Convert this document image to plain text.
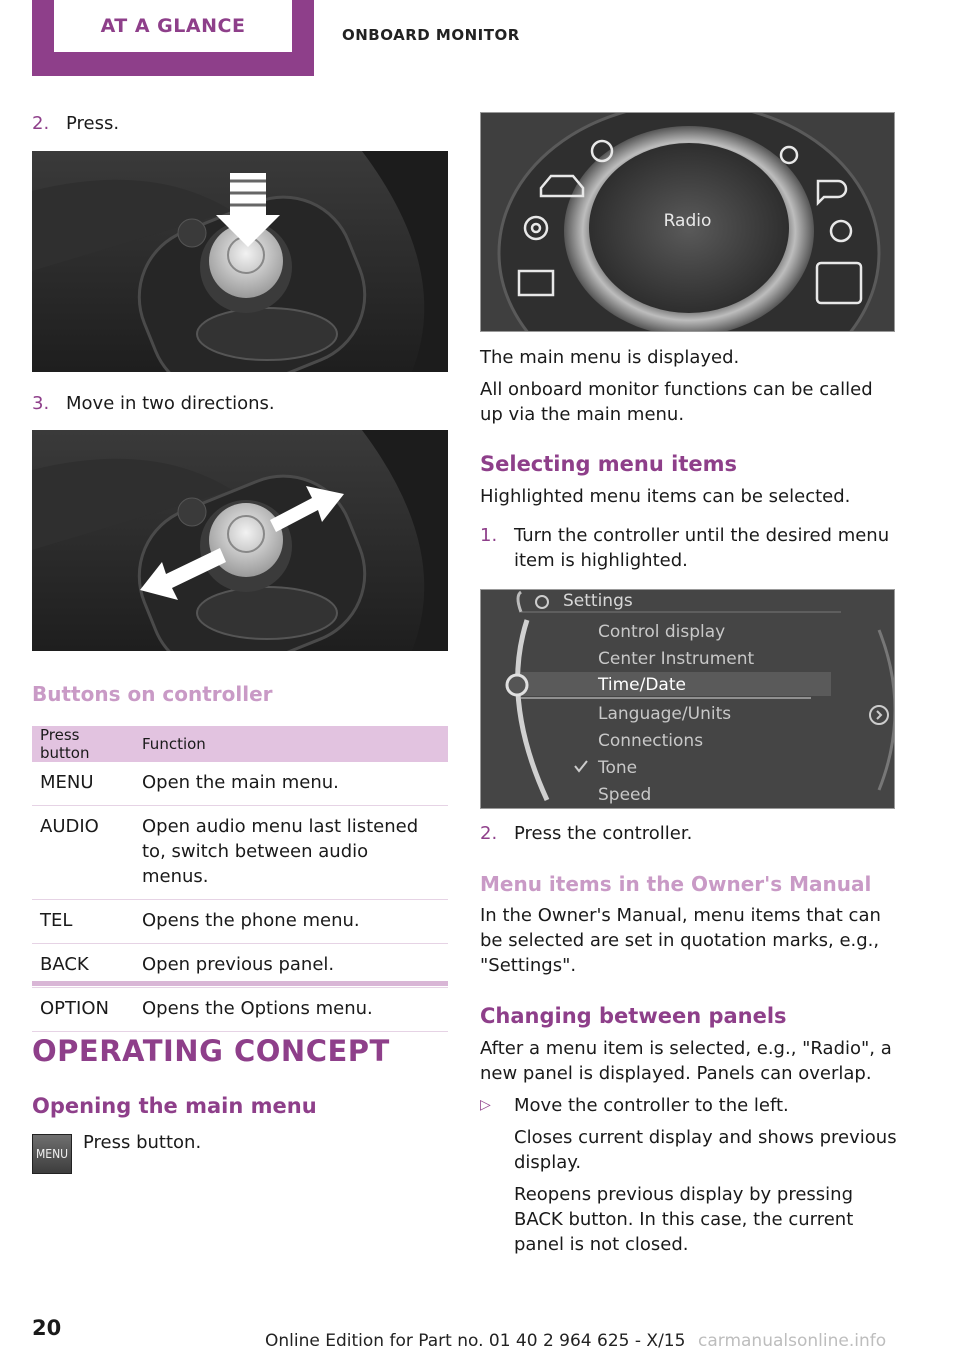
AT A GLANCE	ONBOARD MONITOR
2. Press.
3. Move in two directions.
Buttons on controller
Press button	Function
MENU	Open the main menu.
AUDIO	Open audio menu last listened to, switch between audio menus.
TEL	Opens the phone menu.
BACK	Open previous panel.
OPTION	Opens the Options menu.
OPERATING CONCEPT
Opening the main menu
MENU
Press button.
Radio
The main menu is displayed.
All onboard monitor functions can be called up via the main menu.
Selecting menu items
Highlighted menu items can be selected.
1. Turn the controller until the desired menu item is highlighted.
Settings
Control display
Center Instrument
Time/Date
Language/Units
Connections
Tone
Speed
2. Press the controller.
Menu items in the Owner's Manual
In the Owner's Manual, menu items that can be selected are set in quotation marks, e.g., "Settings".
Changing between panels
After a menu item is selected, e.g., "Radio", a new panel is displayed. Panels can overlap.
▷	Move the controller to the left.
Closes current display and shows previous display.
Reopens previous display by pressing BACK button. In this case, the current panel is not closed.
20
Online Edition for Part no. 01 40 2 964 625 - X/15 carmanualsonline.info
